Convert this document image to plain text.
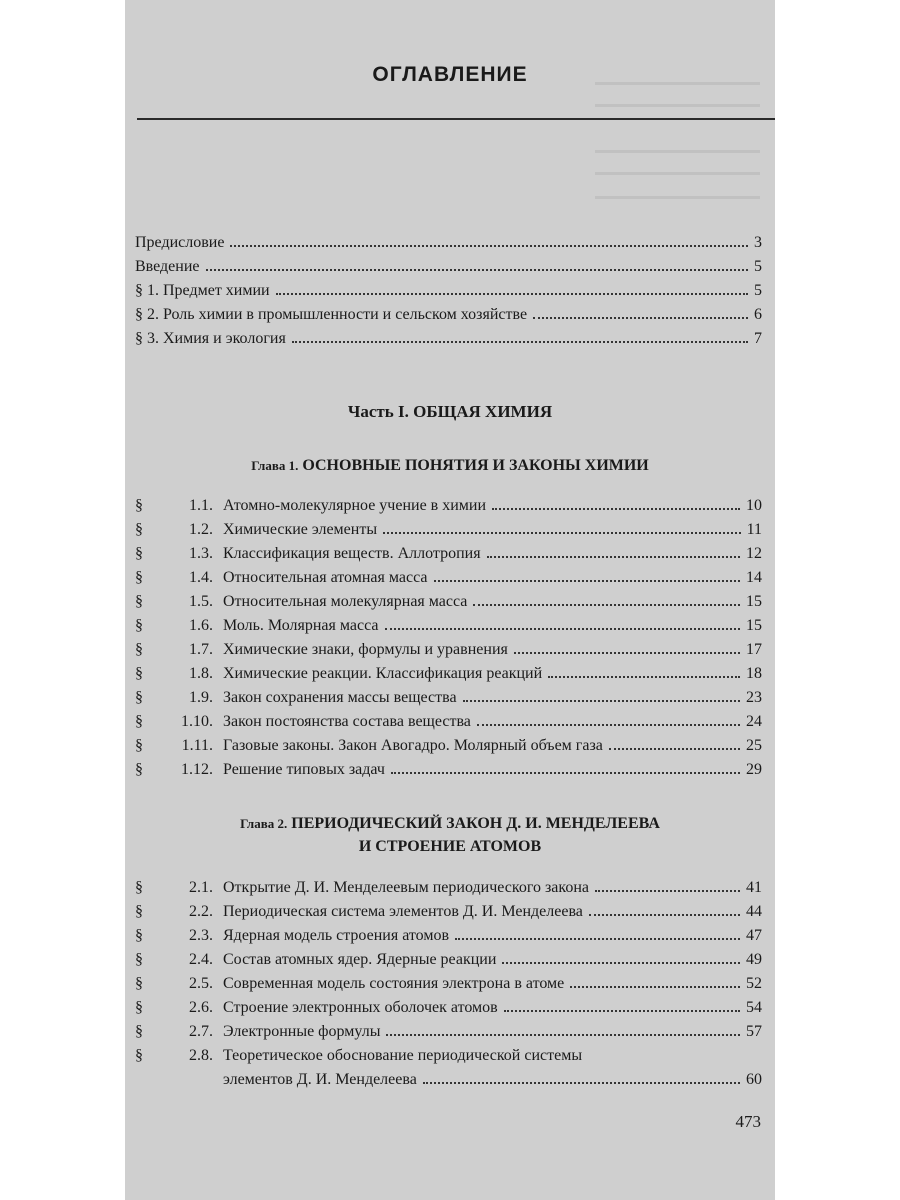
ОГЛАВЛЕНИЕ
Предисловие	3
Введение	5
§ 1. Предмет химии	5
§ 2. Роль химии в промышленности и сельском хозяйстве	6
§ 3. Химия и экология	7
Часть I. ОБЩАЯ ХИМИЯ
Глава 1. ОСНОВНЫЕ ПОНЯТИЯ И ЗАКОНЫ ХИМИИ
§	1.1. Атомно-молекулярное учение в химии	10
§	1.2. Химические элементы	11
§	1.3. Классификация веществ. Аллотропия	12
§	1.4. Относительная атомная масса	14
§	1.5. Относительная молекулярная масса	15
§	1.6. Моль. Молярная масса	15
§	1.7. Химические знаки, формулы и уравнения	17
§	1.8. Химические реакции. Классификация реакций	18
§	1.9. Закон сохранения массы вещества	23
§	1.10. Закон постоянства состава вещества	24
§	1.11. Газовые законы. Закон Авогадро. Молярный объем газа	25
§	1.12. Решение типовых задач	29
Глава 2. ПЕРИОДИЧЕСКИЙ ЗАКОН Д. И. МЕНДЕЛЕЕВА
И СТРОЕНИЕ АТОМОВ
§	2.1. Открытие Д. И. Менделеевым периодического закона	41
§	2.2. Периодическая система элементов Д. И. Менделеева	44
§	2.3. Ядерная модель строения атомов	47
§	2.4. Состав атомных ядер. Ядерные реакции	49
§	2.5. Современная модель состояния электрона в атоме	52
§	2.6. Строение электронных оболочек атомов	54
§	2.7. Электронные формулы	57
§	2.8. Теоретическое обоснование периодической системы
элементов Д. И. Менделеева	60
473
